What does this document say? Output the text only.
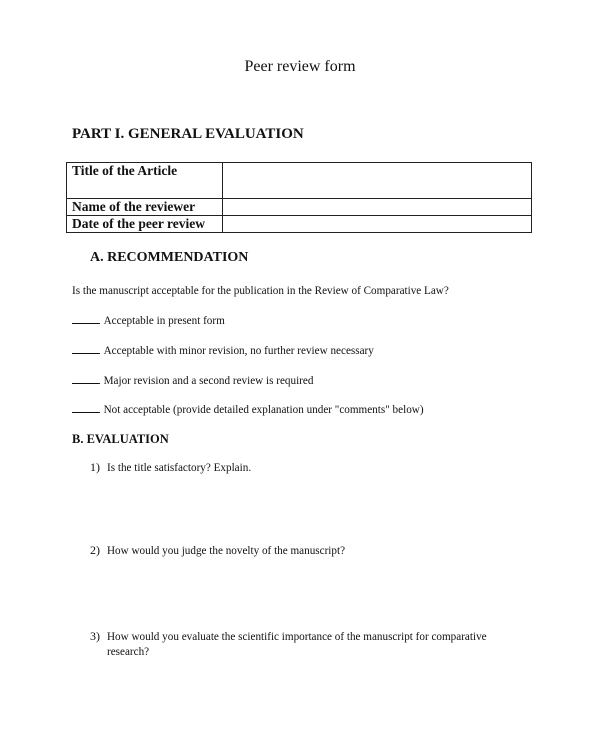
Peer review form
PART I. GENERAL EVALUATION
Title of the Article	
Name of the reviewer	
Date of the peer review	
A. RECOMMENDATION
Is the manuscript acceptable for the publication in the Review of Comparative Law?
Acceptable in present form
Acceptable with minor revision, no further review necessary
Major revision and a second review is required
Not acceptable (provide detailed explanation under "comments" below)
B. EVALUATION
1) Is the title satisfactory? Explain.
2) How would you judge the novelty of the manuscript?
3) How would you evaluate the scientific importance of the manuscript for comparative
research?
